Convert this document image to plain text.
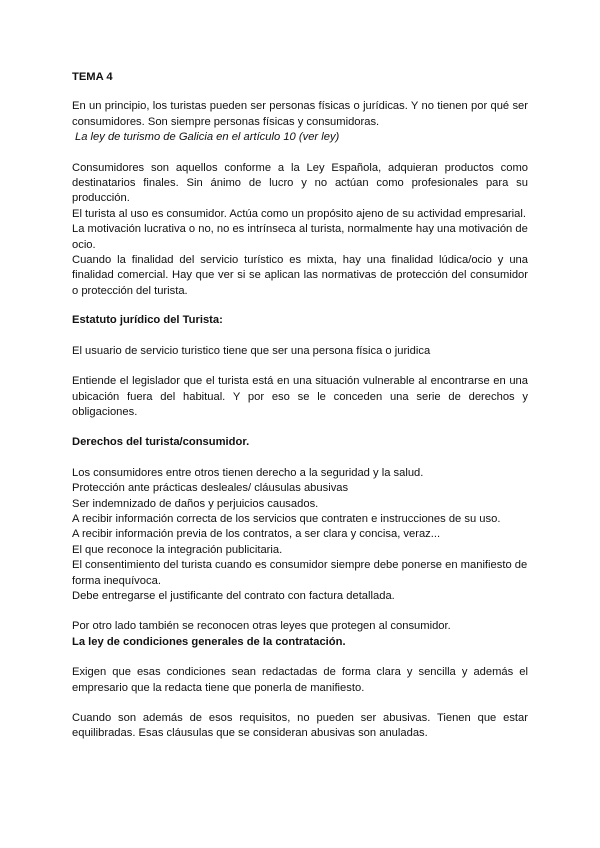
TEMA 4

En un principio, los turistas pueden ser personas físicas o jurídicas. Y no tienen por qué ser consumidores. Son siempre personas físicas y consumidoras.

La ley de turismo de Galicia en el artículo 10 (ver ley)

Consumidores son aquellos conforme a la Ley Española, adquieran productos como destinatarios finales. Sin ánimo de lucro y no actúan como profesionales para su producción.

El turista al uso es consumidor. Actúa como un propósito ajeno de su actividad empresarial.

La motivación lucrativa o no, no es intrínseca al turista, normalmente hay una motivación de ocio.

Cuando la finalidad del servicio turístico es mixta, hay una finalidad lúdica/ocio y una finalidad comercial. Hay que ver si se aplican las normativas de protección del consumidor o protección del turista.

Estatuto jurídico del Turista:

El usuario de servicio turistico tiene que ser una persona física o juridica

Entiende el legislador que el turista está en una situación vulnerable al encontrarse en una ubicación fuera del habitual. Y por eso se le conceden una serie de derechos y obligaciones.

Derechos del turista/consumidor.

Los consumidores entre otros tienen derecho a la seguridad y la salud.

Protección ante prácticas desleales/ cláusulas abusivas

Ser indemnizado de daños y perjuicios causados.

A recibir información correcta de los servicios que contraten e instrucciones de su uso.

A recibir información previa de los contratos, a ser clara y concisa, veraz...

El que reconoce la integración publicitaria.

El consentimiento del turista cuando es consumidor siempre debe ponerse en manifiesto de forma inequívoca.

Debe entregarse el justificante del contrato con factura detallada.

Por otro lado también se reconocen otras leyes que protegen al consumidor.

La ley de condiciones generales de la contratación.

Exigen que esas condiciones sean redactadas de forma clara y sencilla y además el empresario que la redacta tiene que ponerla de manifiesto.

Cuando son además de esos requisitos, no pueden ser abusivas. Tienen que estar equilibradas. Esas cláusulas que se consideran abusivas son anuladas.
